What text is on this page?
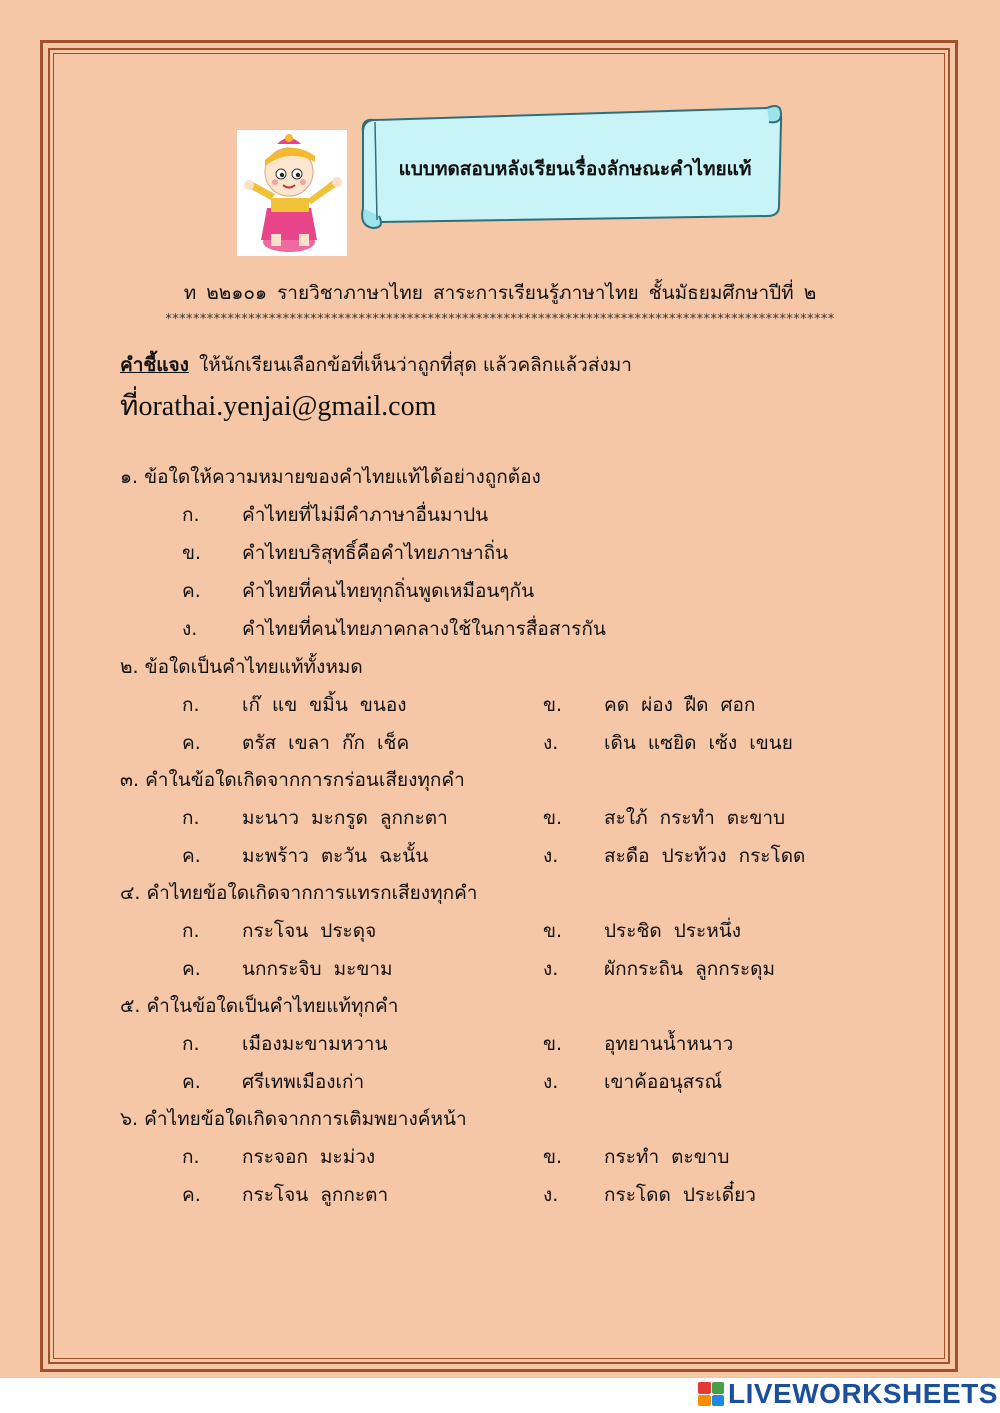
แบบทดสอบหลังเรียนเรื่องลักษณะคำไทยแท้
ท ๒๒๑๐๑ รายวิชาภาษาไทย สาระการเรียนรู้ภาษาไทย ชั้นมัธยมศึกษาปีที่ ๒
*************************************************************************************************
คำชี้แจง ให้นักเรียนเลือกข้อที่เห็นว่าถูกที่สุด แล้วคลิกแล้วส่งมา
ที่orathai.yenjai@gmail.com
๑. ข้อใดให้ความหมายของคำไทยแท้ได้อย่างถูกต้อง
ก. คำไทยที่ไม่มีคำภาษาอื่นมาปน
ข. คำไทยบริสุทธิ์คือคำไทยภาษาถิ่น
ค. คำไทยที่คนไทยทุกถิ่นพูดเหมือนๆกัน
ง. คำไทยที่คนไทยภาคกลางใช้ในการสื่อสารกัน
๒. ข้อใดเป็นคำไทยแท้ทั้งหมด
ก. เก๊ แข ขมิ้น ขนอง	ข. คด ผ่อง ฝืด ศอก
ค. ตรัส เขลา ก๊ก เช็ค	ง. เดิน แซยิด เซ้ง เขนย
๓. คำในข้อใดเกิดจากการกร่อนเสียงทุกคำ
ก. มะนาว มะกรูด ลูกกะตา	ข. สะใภ้ กระทำ ตะขาบ
ค. มะพร้าว ตะวัน ฉะนั้น	ง. สะดือ ประท้วง กระโดด
๔. คำไทยข้อใดเกิดจากการแทรกเสียงทุกคำ
ก. กระโจน ประดุจ	ข. ประชิด ประหนึ่ง
ค. นกกระจิบ มะขาม	ง. ผักกระถิน ลูกกระดุม
๕. คำในข้อใดเป็นคำไทยแท้ทุกคำ
ก. เมืองมะขามหวาน	ข. อุทยานน้ำหนาว
ค. ศรีเทพเมืองเก่า	ง. เขาค้ออนุสรณ์
๖. คำไทยข้อใดเกิดจากการเติมพยางค์หน้า
ก. กระจอก มะม่วง	ข. กระทำ ตะขาบ
ค. กระโจน ลูกกะตา	ง. กระโดด ประเดี๋ยว
LIVEWORKSHEETS
